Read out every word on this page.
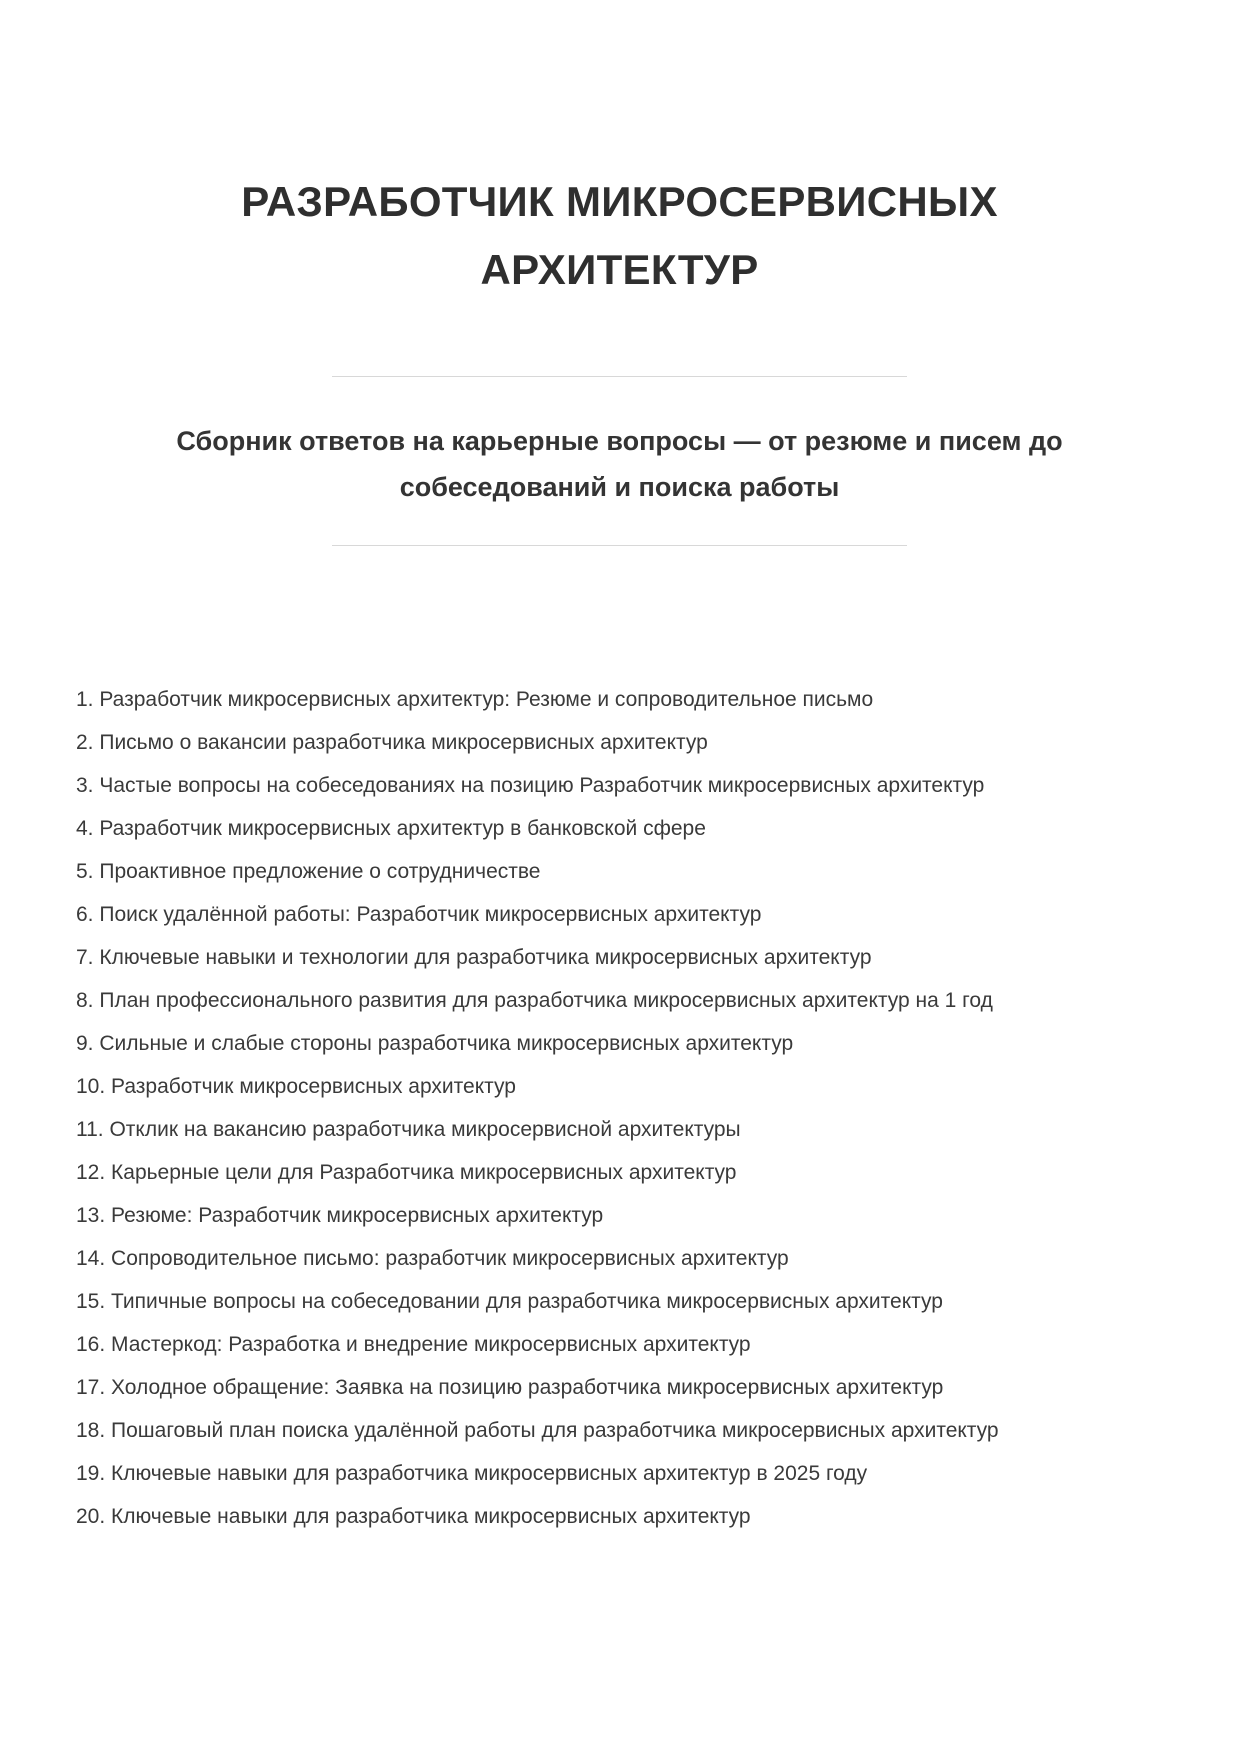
РАЗРАБОТЧИК МИКРОСЕРВИСНЫХ АРХИТЕКТУР
Сборник ответов на карьерные вопросы — от резюме и писем до собеседований и поиска работы
1. Разработчик микросервисных архитектур: Резюме и сопроводительное письмо
2. Письмо о вакансии разработчика микросервисных архитектур
3. Частые вопросы на собеседованиях на позицию Разработчик микросервисных архитектур
4. Разработчик микросервисных архитектур в банковской сфере
5. Проактивное предложение о сотрудничестве
6. Поиск удалённой работы: Разработчик микросервисных архитектур
7. Ключевые навыки и технологии для разработчика микросервисных архитектур
8. План профессионального развития для разработчика микросервисных архитектур на 1 год
9. Сильные и слабые стороны разработчика микросервисных архитектур
10. Разработчик микросервисных архитектур
11. Отклик на вакансию разработчика микросервисной архитектуры
12. Карьерные цели для Разработчика микросервисных архитектур
13. Резюме: Разработчик микросервисных архитектур
14. Сопроводительное письмо: разработчик микросервисных архитектур
15. Типичные вопросы на собеседовании для разработчика микросервисных архитектур
16. Мастеркод: Разработка и внедрение микросервисных архитектур
17. Холодное обращение: Заявка на позицию разработчика микросервисных архитектур
18. Пошаговый план поиска удалённой работы для разработчика микросервисных архитектур
19. Ключевые навыки для разработчика микросервисных архитектур в 2025 году
20. Ключевые навыки для разработчика микросервисных архитектур
